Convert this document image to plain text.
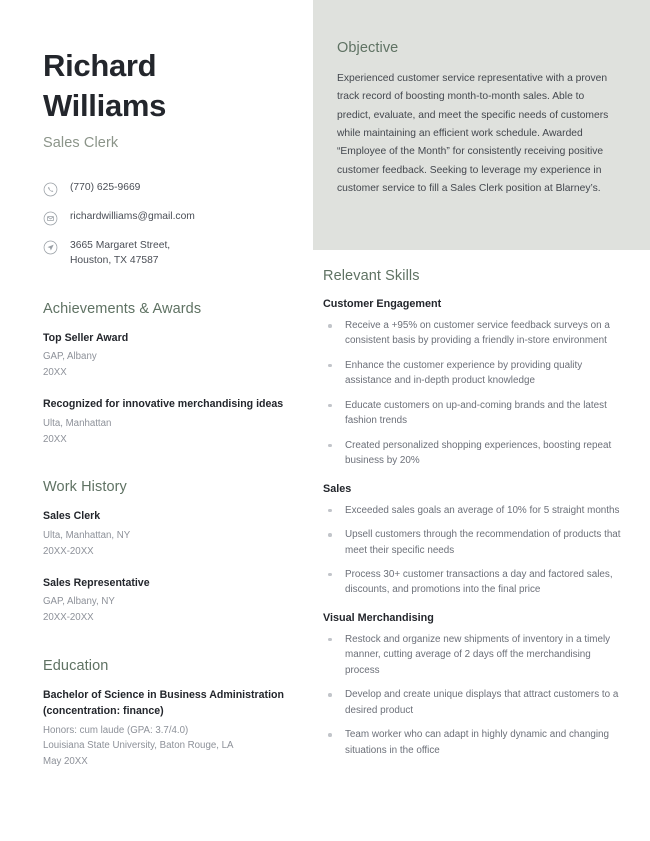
Objective
Experienced customer service representative with a proven track record of boosting month-to-month sales. Able to predict, evaluate, and meet the specific needs of customers while maintaining an efficient work schedule. Awarded “Employee of the Month” for consistently receiving positive customer feedback. Seeking to leverage my experience in customer service to fill a Sales Clerk position at Blarney’s.
Richard
Williams
Sales Clerk
(770) 625-9669
richardwilliams@gmail.com
3665 Margaret Street,
Houston, TX 47587
Achievements & Awards
Top Seller Award
GAP, Albany
20XX
Recognized for innovative merchandising ideas
Ulta, Manhattan
20XX
Work History
Sales Clerk
Ulta, Manhattan, NY
20XX-20XX
Sales Representative
GAP, Albany, NY
20XX-20XX
Education
Bachelor of Science in Business Administration (concentration: finance)
Honors: cum laude (GPA: 3.7/4.0)
Louisiana State University, Baton Rouge, LA
May 20XX
Relevant Skills
Customer Engagement
Receive a +95% on customer service feedback surveys on a consistent basis by providing a friendly in-store environment
Enhance the customer experience by providing quality assistance and in-depth product knowledge
Educate customers on up-and-coming brands and the latest fashion trends
Created personalized shopping experiences, boosting repeat business by 20%
Sales
Exceeded sales goals an average of 10% for 5 straight months
Upsell customers through the recommendation of products that meet their specific needs
Process 30+ customer transactions a day and factored sales, discounts, and promotions into the final price
Visual Merchandising
Restock and organize new shipments of inventory in a timely manner, cutting average of 2 days off the merchandising process
Develop and create unique displays that attract customers to a desired product
Team worker who can adapt in highly dynamic and changing situations in the office
